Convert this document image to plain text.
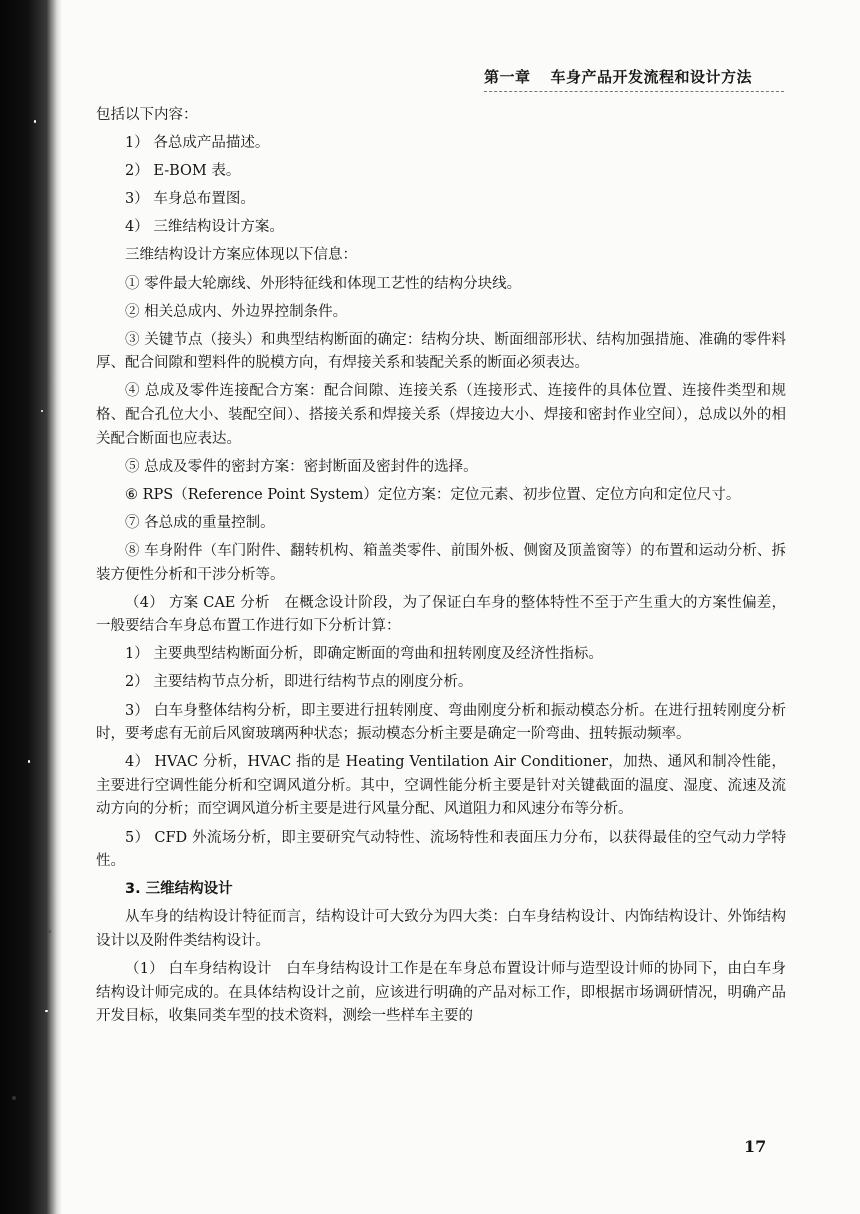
第一章 车身产品开发流程和设计方法

包括以下内容：

1） 各总成产品描述。

2） E-BOM 表。

3） 车身总布置图。

4） 三维结构设计方案。

三维结构设计方案应体现以下信息：

① 零件最大轮廓线、外形特征线和体现工艺性的结构分块线。

② 相关总成内、外边界控制条件。

③ 关键节点（接头）和典型结构断面的确定：结构分块、断面细部形状、结构加强措施、准确的零件料厚、配合间隙和塑料件的脱模方向，有焊接关系和装配关系的断面必须表达。

④ 总成及零件连接配合方案：配合间隙、连接关系（连接形式、连接件的具体位置、连接件类型和规格、配合孔位大小、装配空间）、搭接关系和焊接关系（焊接边大小、焊接和密封作业空间），总成以外的相关配合断面也应表达。

⑤ 总成及零件的密封方案：密封断面及密封件的选择。

⑥ RPS（Reference Point System）定位方案：定位元素、初步位置、定位方向和定位尺寸。

⑦ 各总成的重量控制。

⑧ 车身附件（车门附件、翻转机构、箱盖类零件、前围外板、侧窗及顶盖窗等）的布置和运动分析、拆装方便性分析和干涉分析等。

（4） 方案 CAE 分析　在概念设计阶段，为了保证白车身的整体特性不至于产生重大的方案性偏差，一般要结合车身总布置工作进行如下分析计算：

1） 主要典型结构断面分析，即确定断面的弯曲和扭转刚度及经济性指标。

2） 主要结构节点分析，即进行结构节点的刚度分析。

3） 白车身整体结构分析，即主要进行扭转刚度、弯曲刚度分析和振动模态分析。在进行扭转刚度分析时，要考虑有无前后风窗玻璃两种状态；振动模态分析主要是确定一阶弯曲、扭转振动频率。

4） HVAC 分析，HVAC 指的是 Heating Ventilation Air Conditioner，加热、通风和制冷性能，主要进行空调性能分析和空调风道分析。其中，空调性能分析主要是针对关键截面的温度、湿度、流速及流动方向的分析；而空调风道分析主要是进行风量分配、风道阻力和风速分布等分析。

5） CFD 外流场分析，即主要研究气动特性、流场特性和表面压力分布，以获得最佳的空气动力学特性。

3. 三维结构设计

从车身的结构设计特征而言，结构设计可大致分为四大类：白车身结构设计、内饰结构设计、外饰结构设计以及附件类结构设计。

（1） 白车身结构设计　白车身结构设计工作是在车身总布置设计师与造型设计师的协同下，由白车身结构设计师完成的。在具体结构设计之前，应该进行明确的产品对标工作，即根据市场调研情况，明确产品开发目标，收集同类车型的技术资料，测绘一些样车主要的

17
